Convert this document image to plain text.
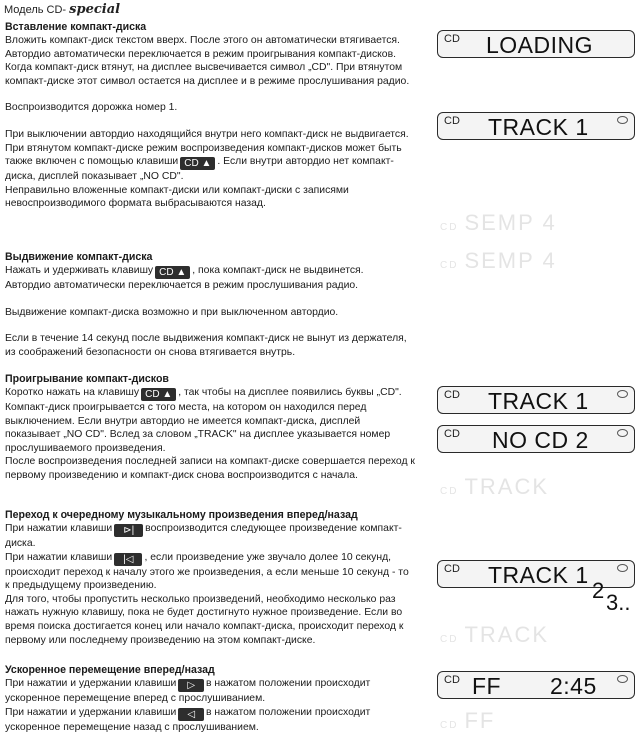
Модель CD- special
Вставление компакт-диска

Вложить компакт-диск текстом вверх. После этого он автоматически втягивается. Автордио автоматически переключается в режим проигрывания компакт-дисков. Когда компакт-диск втянут, на дисплее высвечивается символ „CD". При втянутом компакт-диске этот символ остается на дисплее и в режиме прослушивания радио.

Воспроизводится дорожка номер 1.

При выключении автордио находящийся внутри него компакт-диск не выдвигается.

При втянутом компакт-диске режим воспроизведения компакт-дисков может быть также включен с помощью клавиши CD ▲ . Если внутри автордио нет компакт-диска, дисплей показывает „NO CD".

Неправильно вложенные компакт-диски или компакт-диски с записями невоспроизводимого формата выбрасываются назад.

Выдвижение компакт-диска

Нажать и удерживать клавишу CD ▲ , пока компакт-диск не выдвинется.

Автордио автоматически переключается в режим прослушивания радио.

Выдвижение компакт-диска возможно и при выключенном автордио.

Если в течение 14 секунд после выдвижения компакт-диск не вынут из держателя, из соображений безопасности он снова втягивается внутрь.

Проигрывание компакт-дисков

Коротко нажать на клавишу CD ▲ , так чтобы на дисплее появились буквы „CD". Компакт-диск проигрывается с того места, на котором он находился перед выключением. Если внутри автордио не имеется компакт-диска, дисплей показывает „NO CD". Вслед за словом „TRACK" на дисплее указывается номер прослушиваемого произведения.

После воспроизведения последней записи на компакт-диске совершается переход к первому произведению и компакт-диск снова воспроизводится с начала.

Переход к очередному музыкальному произведения вперед/назад

При нажатии клавиши ⊳| воспроизводится следующее произведение компакт-диска.

При нажатии клавиши |◁ , если произведение уже звучало долее 10 секунд, происходит переход к началу этого же произведения, а если меньше 10 секунд - то к предыдущему произведению.

Для того, чтобы пропустить несколько произведений, необходимо несколько раз нажать нужную клавишу, пока не будет достигнуто нужное произведение. Если во время поиска достигается конец или начало компакт-диска, происходит переход к первому или последнему произведению на этом компакт-диске.

Ускоренное перемещение вперед/назад

При нажатии и удержании клавиши ▷ в нажатом положении происходит ускоренное перемещение вперед с прослушиванием.

При нажатии и удержании клавиши ◁ в нажатом положении происходит ускоренное перемещение назад с прослушиванием.

CD LOADING
CD TRACK 1
CD SEMP 4
CD SEMP 4
CD TRACK 1
CD NO CD 2
CD TRACK
CD TRACK 1
2 3..
CD TRACK
CD FF 2:45
CD FF
